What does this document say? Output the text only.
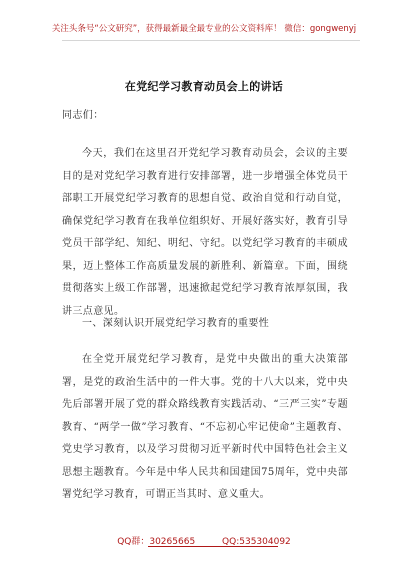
关注头条号“公文研究”，获得最新最全最专业的公文资料库！ 微信：gongwenyj
在党纪学习教育动员会上的讲话
同志们：
今天，我们在这里召开党纪学习教育动员会，会议的主要目的是对党纪学习教育进行安排部署，进一步增强全体党员干部职工开展党纪学习教育的思想自觉、政治自觉和行动自觉，确保党纪学习教育在我单位组织好、开展好落实好，教育引导党员干部学纪、知纪、明纪、守纪。以党纪学习教育的丰硕成果，迈上整体工作高质量发展的新胜利、新篇章。下面，围绕贯彻落实上级工作部署，迅速掀起党纪学习教育浓厚氛围，我讲三点意见。
一、深刻认识开展党纪学习教育的重要性
在全党开展党纪学习教育，是党中央做出的重大决策部署，是党的政治生活中的一件大事。党的十八大以来，党中央先后部署开展了党的群众路线教育实践活动、“三严三实”专题教育、“两学一做”学习教育、“不忘初心牢记使命”主题教育、党史学习教育，以及学习贯彻习近平新时代中国特色社会主义思想主题教育。今年是中华人民共和国建国75周年，党中央部署党纪学习教育，可谓正当其时、意义重大。
QQ群：30265665	QQ:535304092
